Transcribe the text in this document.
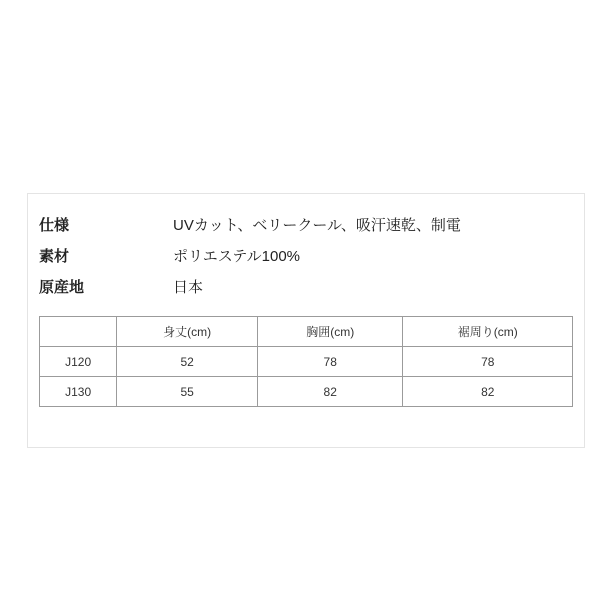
仕様	UVカット、ベリークール、吸汗速乾、制電
素材	ポリエステル100%
原産地	日本
	身丈(cm)	胸囲(cm)	裾周り(cm)
J120	52	78	78
J130	55	82	82
